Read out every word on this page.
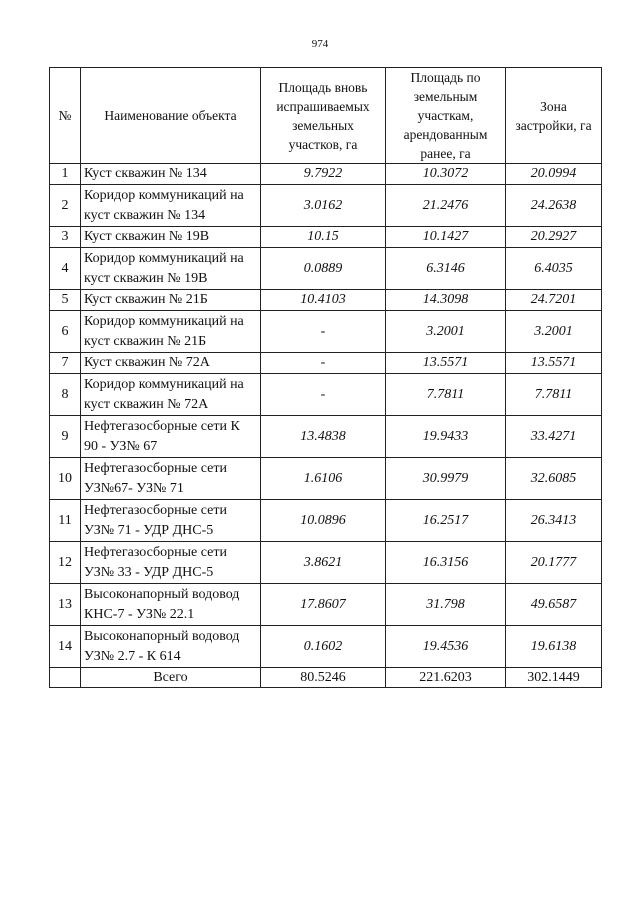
974
№	Наименование объекта	Площадь вновь испрашиваемых земельных участков, га	Площадь по земельным участкам, арендованным ранее, га	Зона застройки, га
1	Куст скважин № 134	9.7922	10.3072	20.0994
2	Коридор коммуникаций на куст скважин № 134	3.0162	21.2476	24.2638
3	Куст скважин № 19В	10.15	10.1427	20.2927
4	Коридор коммуникаций на куст скважин № 19В	0.0889	6.3146	6.4035
5	Куст скважин № 21Б	10.4103	14.3098	24.7201
6	Коридор коммуникаций на куст скважин № 21Б	-	3.2001	3.2001
7	Куст скважин № 72А	-	13.5571	13.5571
8	Коридор коммуникаций на куст скважин № 72А	-	7.7811	7.7811
9	Нефтегазосборные сети К 90 - УЗ№ 67	13.4838	19.9433	33.4271
10	Нефтегазосборные сети УЗ№67- УЗ№ 71	1.6106	30.9979	32.6085
11	Нефтегазосборные сети УЗ№ 71 - УДР ДНС-5	10.0896	16.2517	26.3413
12	Нефтегазосборные сети УЗ№ 33 - УДР ДНС-5	3.8621	16.3156	20.1777
13	Высоконапорный водовод КНС-7 - УЗ№ 22.1	17.8607	31.798	49.6587
14	Высоконапорный водовод УЗ№ 2.7 - К 614	0.1602	19.4536	19.6138
	Всего	80.5246	221.6203	302.1449
